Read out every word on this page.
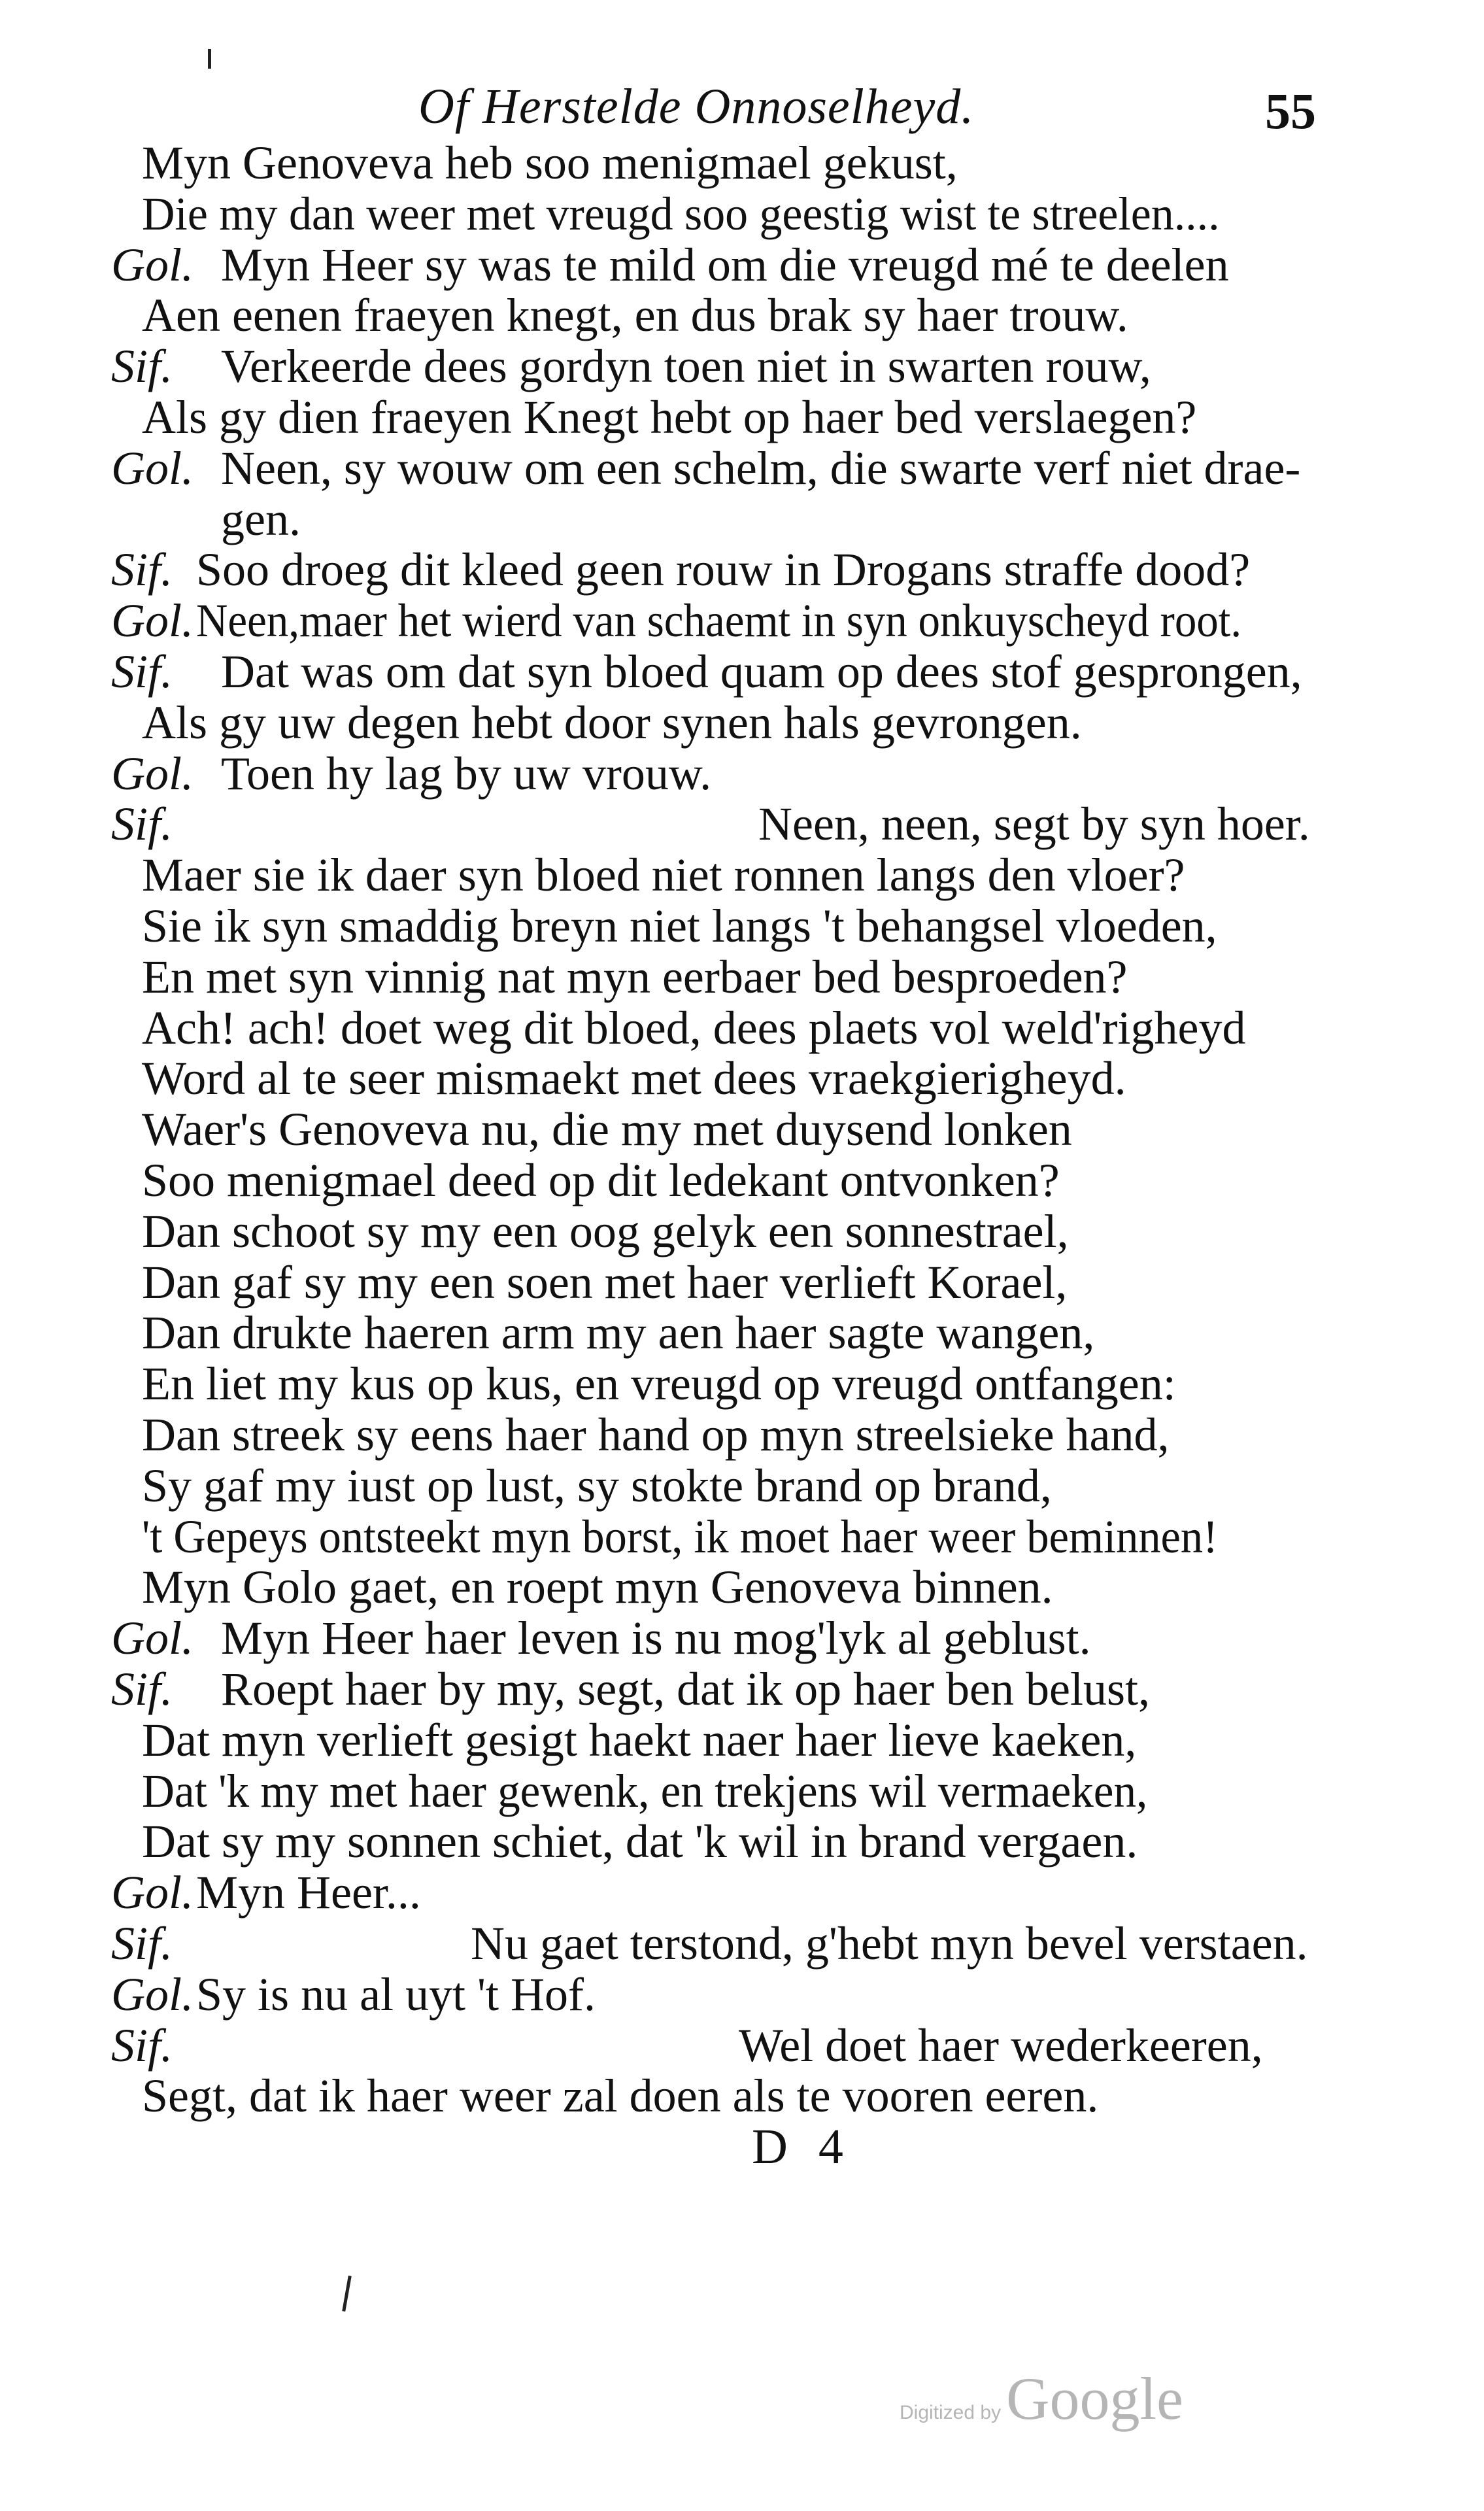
Of Herstelde Onnoselheyd.	55
Myn Genoveva heb soo menigmael gekust,
Die my dan weer met vreugd soo geestig wist te streelen....
Gol. Myn Heer sy was te mild om die vreugd mé te deelen
Aen eenen fraeyen knegt, en dus brak sy haer trouw.
Sif. Verkeerde dees gordyn toen niet in swarten rouw,
Als gy dien fraeyen Knegt hebt op haer bed verslaegen?
Gol. Neen, sy wouw om een schelm, die swarte verf niet drae-
gen.
Sif. Soo droeg dit kleed geen rouw in Drogans straffe dood?
Gol. Neen,maer het wierd van schaemt in syn onkuyscheyd root.
Sif. Dat was om dat syn bloed quam op dees stof gesprongen,
Als gy uw degen hebt door synen hals gevrongen.
Gol. Toen hy lag by uw vrouw.
Sif.	Neen, neen, segt by syn hoer.
Maer sie ik daer syn bloed niet ronnen langs den vloer?
Sie ik syn smaddig breyn niet langs 't behangsel vloeden,
En met syn vinnig nat myn eerbaer bed besproeden?
Ach! ach! doet weg dit bloed, dees plaets vol weld'righeyd
Word al te seer mismaekt met dees vraekgierigheyd.
Waer's Genoveva nu, die my met duysend lonken
Soo menigmael deed op dit ledekant ontvonken?
Dan schoot sy my een oog gelyk een sonnestrael,
Dan gaf sy my een soen met haer verlieft Korael,
Dan drukte haeren arm my aen haer sagte wangen,
En liet my kus op kus, en vreugd op vreugd ontfangen:
Dan streek sy eens haer hand op myn streelsieke hand,
Sy gaf my iust op lust, sy stokte brand op brand,
't Gepeys ontsteekt myn borst, ik moet haer weer beminnen!
Myn Golo gaet, en roept myn Genoveva binnen.
Gol. Myn Heer haer leven is nu mog'lyk al geblust.
Sif. Roept haer by my, segt, dat ik op haer ben belust,
Dat myn verlieft gesigt haekt naer haer lieve kaeken,
Dat 'k my met haer gewenk, en trekjens wil vermaeken,
Dat sy my sonnen schiet, dat 'k wil in brand vergaen.
Gol. Myn Heer...
Sif.	Nu gaet terstond, g'hebt myn bevel verstaen.
Gol. Sy is nu al uyt 't Hof.
Sif.	Wel doet haer wederkeeren,
Segt, dat ik haer weer zal doen als te vooren eeren.
D 4
Digitized byGoogle
